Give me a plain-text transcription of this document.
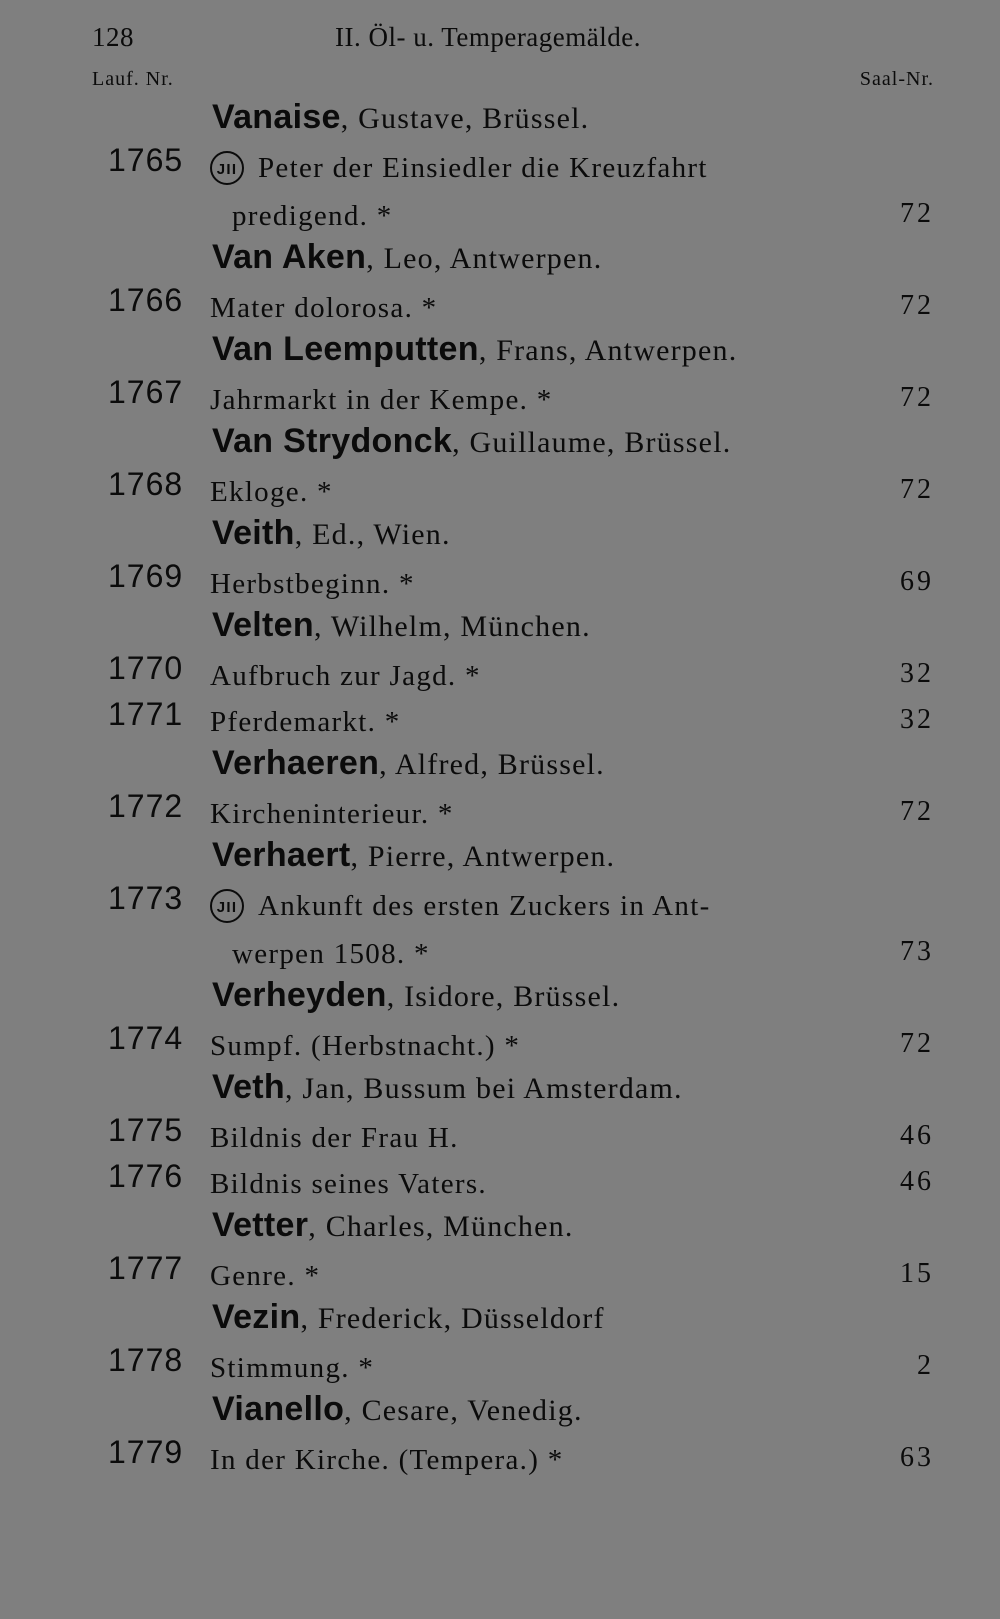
128	II. Öl- u. Temperagemälde.
Lauf. Nr.	Saal-Nr.
Vanaise, Gustave, Brüssel.
1765	JII Peter der Einsiedler die Kreuzfahrt
predigend. *	72
Van Aken, Leo, Antwerpen.
1766 Mater dolorosa. *	72
Van Leemputten, Frans, Antwerpen.
1767 Jahrmarkt in der Kempe. *	72
Van Strydonck, Guillaume, Brüssel.
1768 Ekloge. *	72
Veith, Ed., Wien.
1769 Herbstbeginn. *	69
Velten, Wilhelm, München.
1770 Aufbruch zur Jagd. *	32
1771 Pferdemarkt. *	32
Verhaeren, Alfred, Brüssel.
1772 Kircheninterieur. *	72
Verhaert, Pierre, Antwerpen.
1773	JII Ankunft des ersten Zuckers in Ant-
werpen 1508. *	73
Verheyden, Isidore, Brüssel.
1774 Sumpf. (Herbstnacht.) *	72
Veth, Jan, Bussum bei Amsterdam.
1775 Bildnis der Frau H.	46
1776 Bildnis seines Vaters.	46
Vetter, Charles, München.
1777 Genre. *	15
Vezin, Frederick, Düsseldorf
1778 Stimmung. *	2
Vianello, Cesare, Venedig.
1779 In der Kirche. (Tempera.) *	63
